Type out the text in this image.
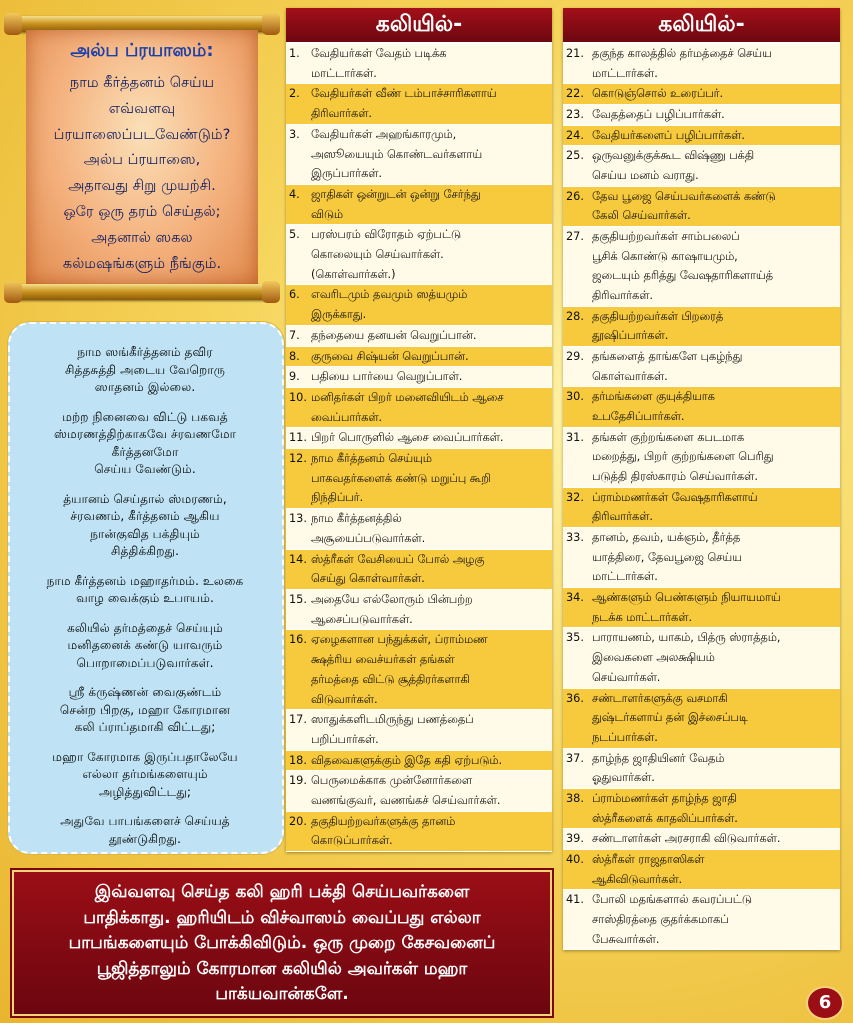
அல்ப ப்ரயாஸம்:
நாம கீர்த்தனம் செய்ய
எவ்வளவு
ப்ரயாஸைப்படவேண்டும்?
அல்ப ப்ரயாஸை,
அதாவது சிறு முயற்சி.
ஒரே ஒரு தரம் செய்தல்;
அதனால் ஸகல
கல்மஷங்களும் நீங்கும்.
நாம ஸங்கீர்த்தனம் தவிர
சித்தசுத்தி அடைய வேறொரு
ஸாதனம் இல்லை.
மற்ற நினைவை விட்டு பகவத்
ஸ்மரணத்திற்காகவே ச்ரவணமோ
கீர்த்தனமோ
செய்ய வேண்டும்.
த்யானம் செய்தால் ஸ்மரணம்,
ச்ரவணம், கீர்த்தனம் ஆகிய
நான்குவித பக்தியும்
சித்திக்கிறது.
நாம கீர்த்தனம் மஹாதர்மம். உலகை
வாழ வைக்கும் உபாயம்.
கலியில் தர்மத்தைச் செய்யும்
மனிதனைக் கண்டு யாவரும்
பொறாமைப்படுவார்கள்.
ஸ்ரீ க்ருஷ்ணன் வைகுண்டம்
சென்ற பிறகு, மஹா கோரமான
கலி ப்ராப்தமாகி விட்டது;
மஹா கோரமாக இருப்பதாலேயே
எல்லா தர்மங்களையும்
அழித்துவிட்டது;
அதுவே பாபங்களைச் செய்யத்
தூண்டுகிறது.
கலியில்-
1. வேதியர்கள் வேதம் படிக்க
மாட்டார்கள்.
2. வேதியர்கள் வீண் டம்பாச்சாரிகளாய்
திரிவார்கள்.
3. வேதியர்கள் அஹங்காரமும்,
அஸூயையும் கொண்டவர்களாய்
இருப்பார்கள்.
4. ஜாதிகள் ஒன்றுடன் ஒன்று சேர்ந்து
விடும்
5. பரஸ்பரம் விரோதம் ஏற்பட்டு
கொலையும் செய்வார்கள்.
(கொள்வார்கள்.)
6. எவரிடமும் தவமும் ஸத்யமும்
இருக்காது.
7. தந்தையை தனயன் வெறுப்பான்.
8. குருவை சிஷ்யன் வெறுப்பான்.
9. பதியை பார்யை வெறுப்பாள்.
10. மனிதர்கள் பிறர் மனைவியிடம் ஆசை
வைப்பார்கள்.
11. பிறர் பொருளில் ஆசை வைப்பார்கள்.
12. நாம கீர்த்தனம் செய்யும்
பாகவதர்களைக் கண்டு மறுப்பு கூறி
நிந்திப்பர்.
13. நாம கீர்த்தனத்தில்
அசூயைப்படுவார்கள்.
14. ஸ்த்ரீகள் வேசியைப் போல் அழகு
செய்து கொள்வார்கள்.
15. அதையே எல்லோரும் பின்பற்ற
ஆசைப்படுவார்கள்.
16. ஏழைகளான பந்துக்கள், ப்ராம்மண
க்ஷத்ரிய வைச்யர்கள் தங்கள்
தர்மத்தை விட்டு சூத்திரர்களாகி
விடுவார்கள்.
17. ஸாதுக்களிடமிருந்து பணத்தைப்
பறிப்பார்கள்.
18. விதவைகளுக்கும் இதே கதி ஏற்படும்.
19. பெருமைக்காக முன்னோர்களை
வணங்குவர், வணங்கச் செய்வார்கள்.
20. தகுதியற்றவர்களுக்கு தானம்
கொடுப்பார்கள்.
கலியில்-
21. தகுந்த காலத்தில் தர்மத்தைச் செய்ய
மாட்டார்கள்.
22. கொடுஞ்சொல் உரைப்பர்.
23. வேதத்தைப் பழிப்பார்கள்.
24. வேதியர்களைப் பழிப்பார்கள்.
25. ஒருவனுக்குக்கூட விஷ்ணு பக்தி
செய்ய மனம் வராது.
26. தேவ பூஜை செய்பவர்களைக் கண்டு
கேலி செய்வார்கள்.
27. தகுதியற்றவர்கள் சாம்பலைப்
பூசிக் கொண்டு காஷாயமும்,
ஜடையும் தரித்து வேஷதாரிகளாய்த்
திரிவார்கள்.
28. தகுதியற்றவர்கள் பிறரைத்
தூஷிப்பார்கள்.
29. தங்களைத் தாங்களே புகழ்ந்து
கொள்வார்கள்.
30. தர்மங்களை குயுக்தியாக
உபதேசிப்பார்கள்.
31. தங்கள் குற்றங்களை கபடமாக
மறைத்து, பிறர் குற்றங்களை பெரிது
படுத்தி திரஸ்காரம் செய்வார்கள்.
32. ப்ராம்மணர்கள் வேஷதாரிகளாய்
திரிவார்கள்.
33. தானம், தவம், யக்ஞம், தீர்த்த
யாத்திரை, தேவபூஜை செய்ய
மாட்டார்கள்.
34. ஆண்களும் பெண்களும் நியாயமாய்
நடக்க மாட்டார்கள்.
35. பாராயணம், யாகம், பித்ரு ஸ்ராத்தம்,
இவைகளை அலக்ஷியம்
செய்வார்கள்.
36. சண்டாளர்களுக்கு வசமாகி
துஷ்டர்களாய் தன் இச்சைப்படி
நடப்பார்கள்.
37. தாழ்ந்த ஜாதியினர் வேதம்
ஓதுவார்கள்.
38. ப்ராம்மணர்கள் தாழ்ந்த ஜாதி
ஸ்த்ரீகளைக் காதலிப்பார்கள்.
39. சண்டாளர்கள் அரசராகி விடுவார்கள்.
40. ஸ்த்ரீகள் ராஜதாஸிகள்
ஆகிவிடுவார்கள்.
41. போலி மதங்களால் கவரப்பட்டு
சாஸ்திரத்தை குதர்க்கமாகப்
பேசுவார்கள்.
இவ்வளவு செய்த கலி ஹரி பக்தி செய்பவர்களை
பாதிக்காது. ஹரியிடம் விச்வாஸம் வைப்பது எல்லா
பாபங்களையும் போக்கிவிடும். ஒரு முறை கேசவனைப்
பூஜித்தாலும் கோரமான கலியில் அவர்கள் மஹா
பாக்யவான்களே.	6
